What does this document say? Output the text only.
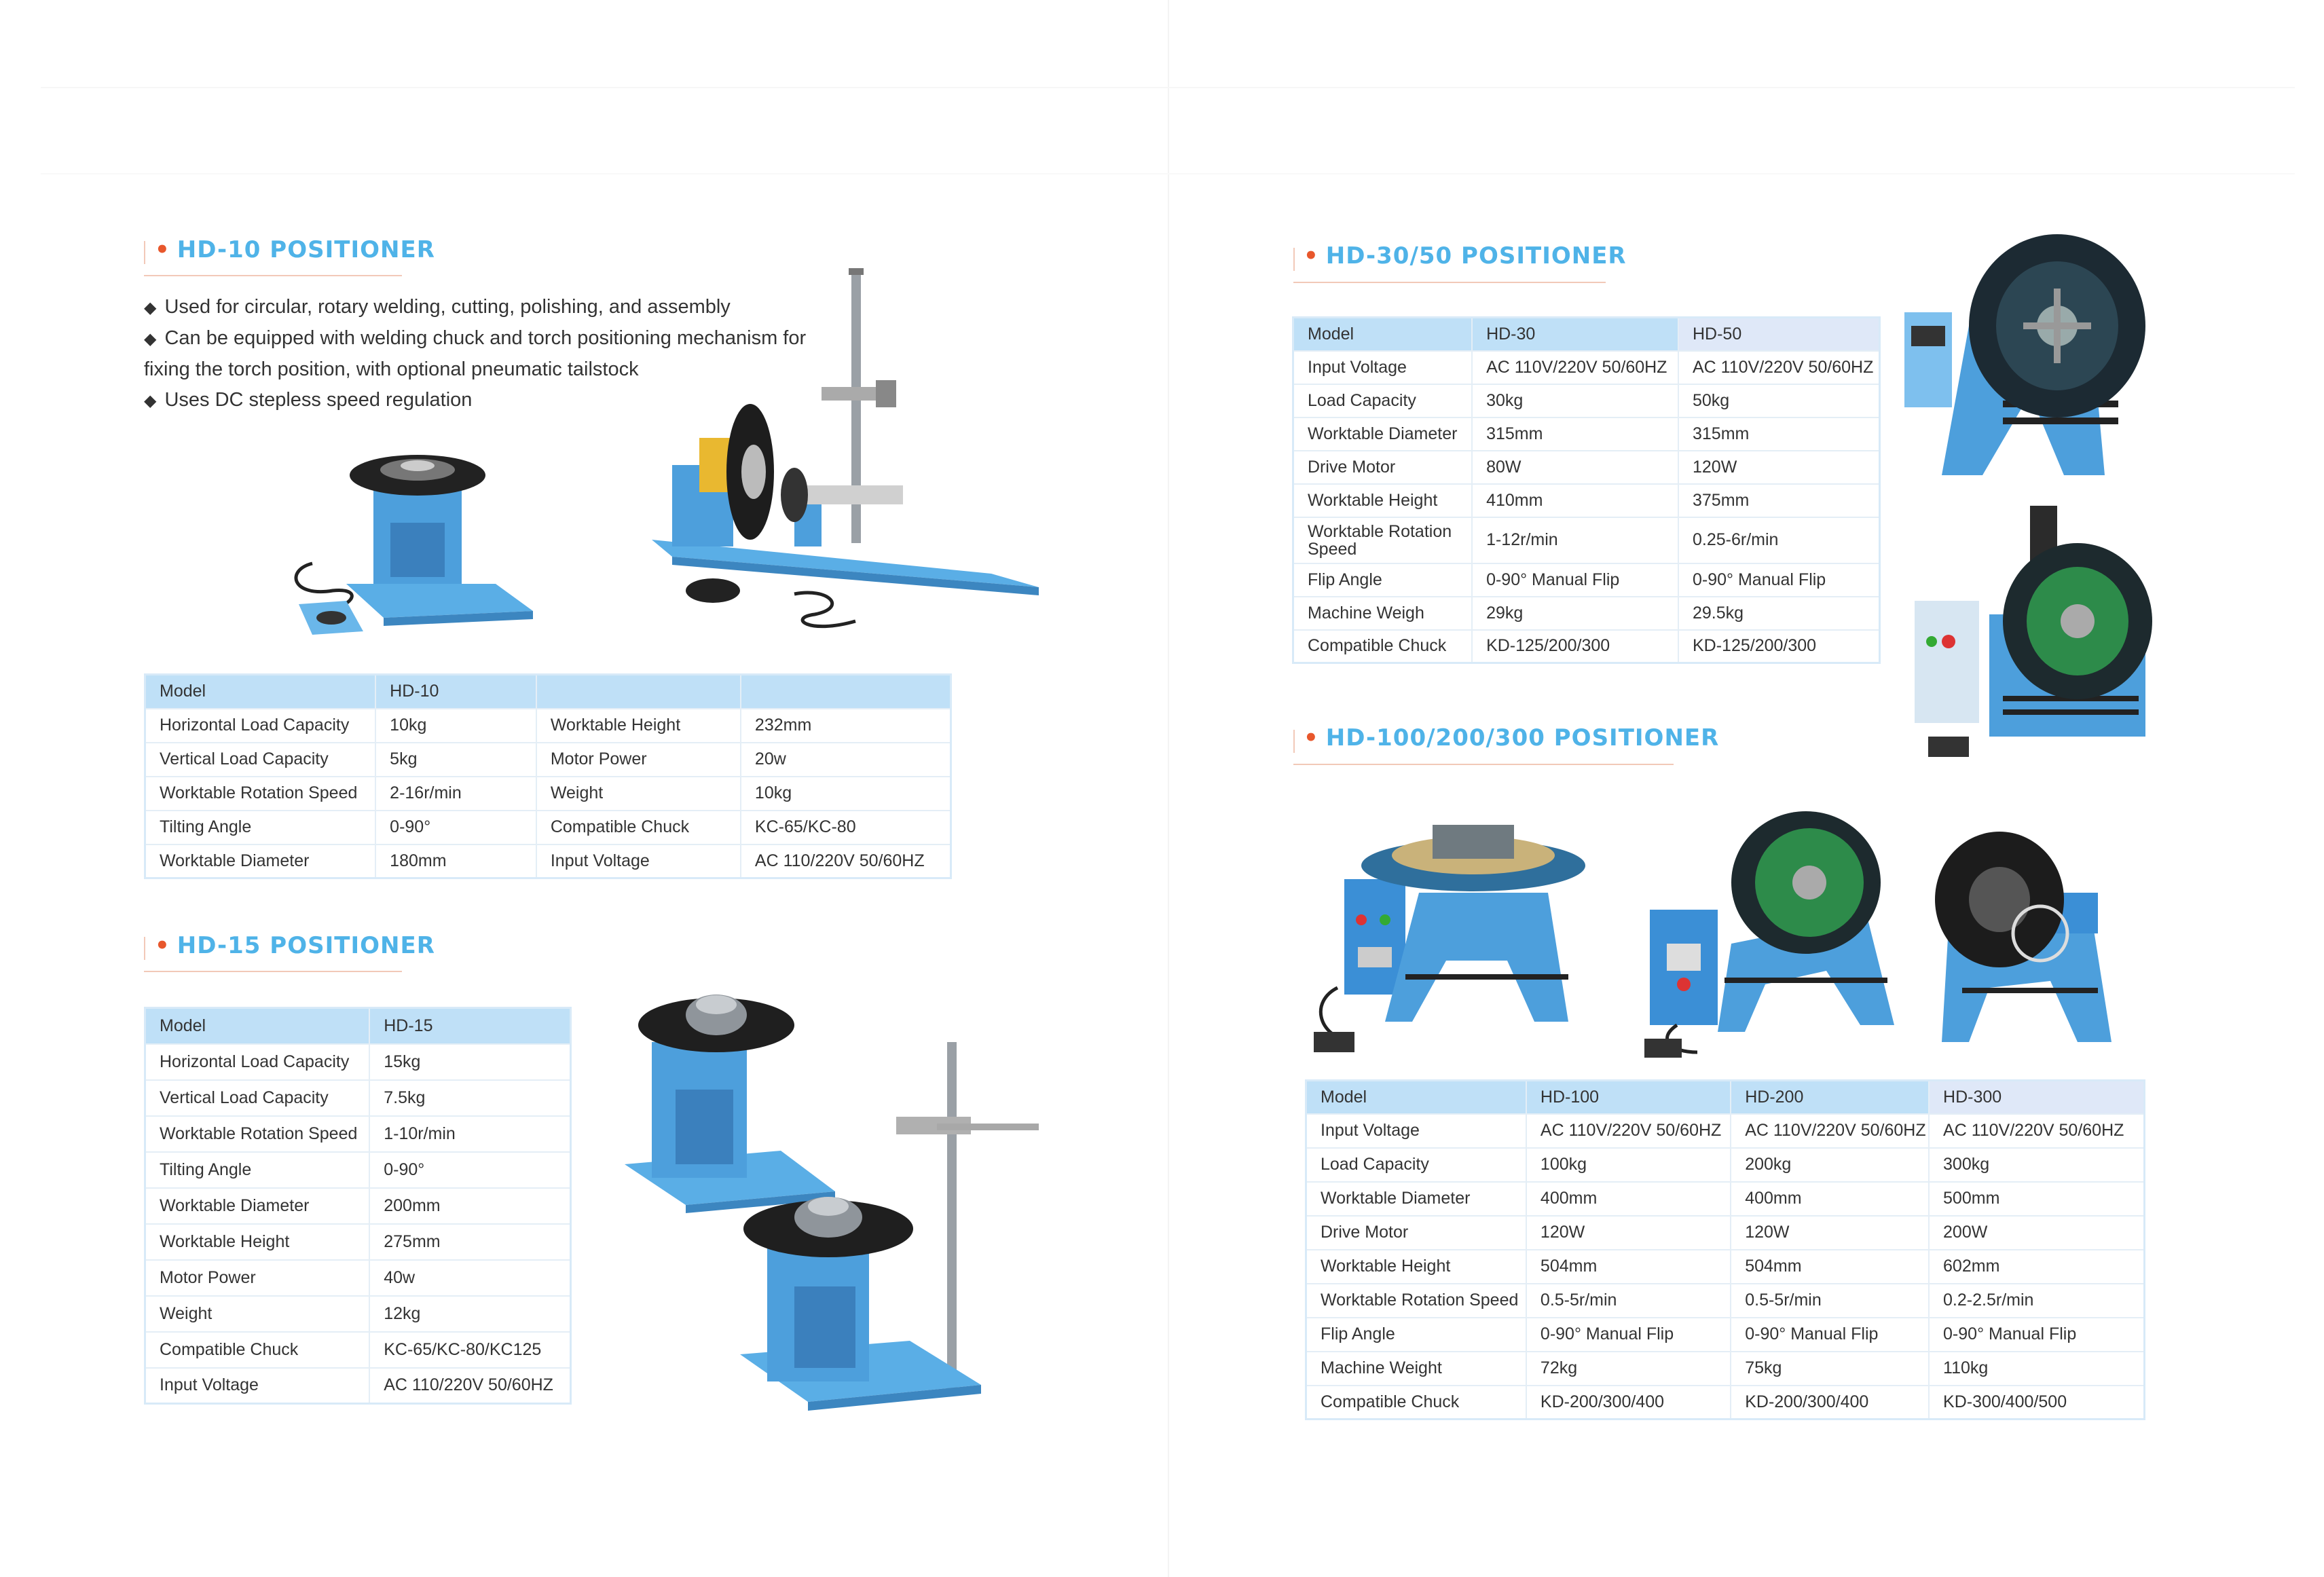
• HD-10 POSITIONER
◆ Used for circular, rotary welding, cutting, polishing, and assembly
◆ Can be equipped with welding chuck and torch positioning mechanism for
fixing the torch position, with optional pneumatic tailstock
◆ Uses DC stepless speed regulation
Model	HD-10		
Horizontal Load Capacity	10kg	Worktable Height	232mm
Vertical Load Capacity	5kg	Motor Power	20w
Worktable Rotation Speed	2-16r/min	Weight	10kg
Tilting Angle	0-90°	Compatible Chuck	KC-65/KC-80
Worktable Diameter	180mm	Input Voltage	AC 110/220V 50/60HZ
• HD-15 POSITIONER
Model	HD-15
Horizontal Load Capacity	15kg
Vertical Load Capacity	7.5kg
Worktable Rotation Speed	1-10r/min
Tilting Angle	0-90°
Worktable Diameter	200mm
Worktable Height	275mm
Motor Power	40w
Weight	12kg
Compatible Chuck	KC-65/KC-80/KC125
Input Voltage	AC 110/220V 50/60HZ
• HD-30/50 POSITIONER
Model	HD-30	HD-50
Input Voltage	AC 110V/220V 50/60HZ	AC 110V/220V 50/60HZ
Load Capacity	30kg	50kg
Worktable Diameter	315mm	315mm
Drive Motor	80W	120W
Worktable Height	410mm	375mm
Worktable Rotation Speed	1-12r/min	0.25-6r/min
Flip Angle	0-90° Manual Flip	0-90° Manual Flip
Machine Weigh	29kg	29.5kg
Compatible Chuck	KD-125/200/300	KD-125/200/300
• HD-100/200/300 POSITIONER
Model	HD-100	HD-200	HD-300
Input Voltage	AC 110V/220V 50/60HZ	AC 110V/220V 50/60HZ	AC 110V/220V 50/60HZ
Load Capacity	100kg	200kg	300kg
Worktable Diameter	400mm	400mm	500mm
Drive Motor	120W	120W	200W
Worktable Height	504mm	504mm	602mm
Worktable Rotation Speed	0.5-5r/min	0.5-5r/min	0.2-2.5r/min
Flip Angle	0-90° Manual Flip	0-90° Manual Flip	0-90° Manual Flip
Machine Weight	72kg	75kg	110kg
Compatible Chuck	KD-200/300/400	KD-200/300/400	KD-300/400/500
